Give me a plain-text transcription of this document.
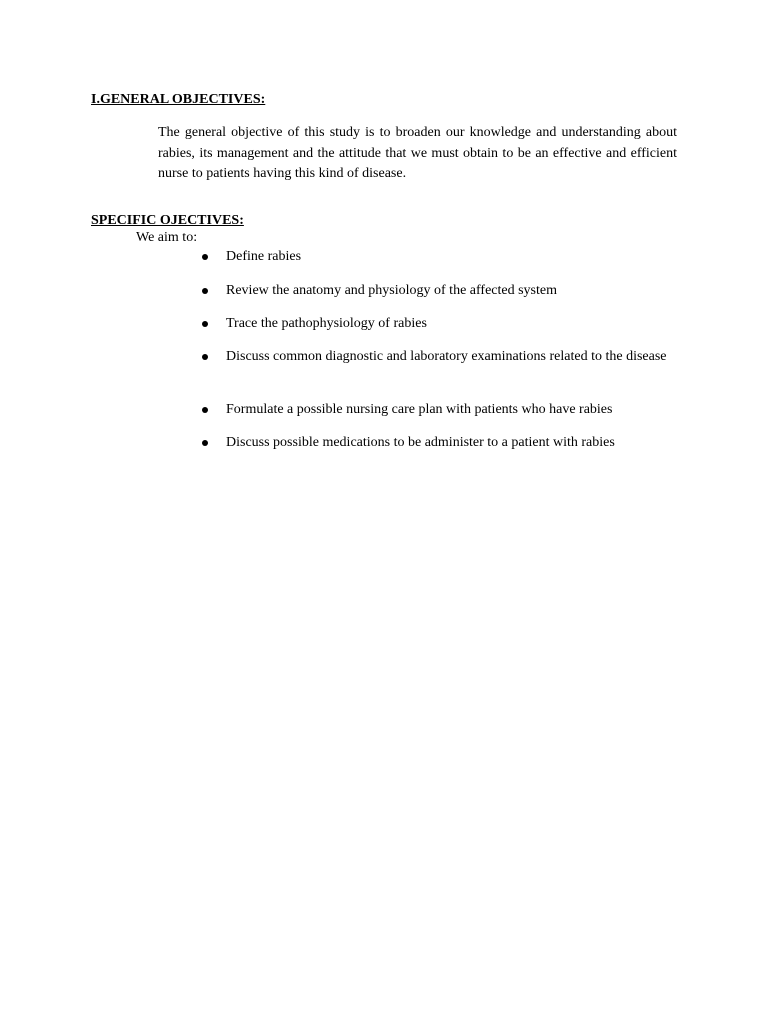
I.GENERAL OBJECTIVES:

The general objective of this study is to broaden our knowledge and understanding about rabies, its management and the attitude that we must obtain to be an effective and efficient nurse to patients having this kind of disease.

SPECIFIC OJECTIVES:

We aim to:

Define rabies
Review the anatomy and physiology of the affected system
Trace the pathophysiology of rabies
Discuss common diagnostic and laboratory examinations related to the disease
Formulate a possible nursing care plan with patients who have rabies
Discuss possible medications to be administer to a patient with rabies
